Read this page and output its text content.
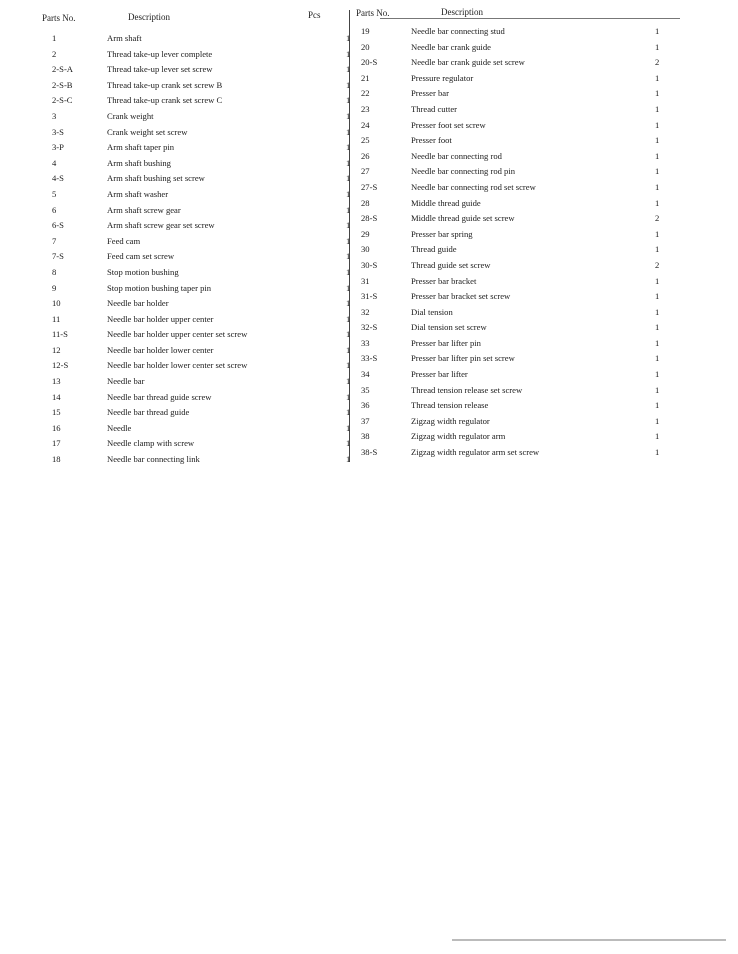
Parts No.	Description	Pcs	Parts No.	Description
1	Arm shaft	1
2	Thread take-up lever complete	1
2-S-A	Thread take-up lever set screw	1
2-S-B	Thread take-up crank set screw B	1
2-S-C	Thread take-up crank set screw C	1
3	Crank weight	1
3-S	Crank weight set screw	1
3-P	Arm shaft taper pin	1
4	Arm shaft bushing	1
4-S	Arm shaft bushing set screw	1
5	Arm shaft washer	1
6	Arm shaft screw gear	1
6-S	Arm shaft screw gear set screw	1
7	Feed cam	1
7-S	Feed cam set screw	1
8	Stop motion bushing	1
9	Stop motion bushing taper pin	1
10	Needle bar holder	1
11	Needle bar holder upper center	1
11-S	Needle bar holder upper center set screw	1
12	Needle bar holder lower center	1
12-S	Needle bar holder lower center set screw	1
13	Needle bar	1
14	Needle bar thread guide screw	1
15	Needle bar thread guide	1
16	Needle	1
17	Needle clamp with screw	1
18	Needle bar connecting link	1
19	Needle bar connecting stud	1
20	Needle bar crank guide	1
20-S	Needle bar crank guide set screw	2
21	Pressure regulator	1
22	Presser bar	1
23	Thread cutter	1
24	Presser foot set screw	1
25	Presser foot	1
26	Needle bar connecting rod	1
27	Needle bar connecting rod pin	1
27-S	Needle bar connecting rod set screw	1
28	Middle thread guide	1
28-S	Middle thread guide set screw	2
29	Presser bar spring	1
30	Thread guide	1
30-S	Thread guide set screw	2
31	Presser bar bracket	1
31-S	Presser bar bracket set screw	1
32	Dial tension	1
32-S	Dial tension set screw	1
33	Presser bar lifter pin	1
33-S	Presser bar lifter pin set screw	1
34	Presser bar lifter	1
35	Thread tension release set screw	1
36	Thread tension release	1
37	Zigzag width regulator	1
38	Zigzag width regulator arm	1
38-S	Zigzag width regulator arm set screw	1
